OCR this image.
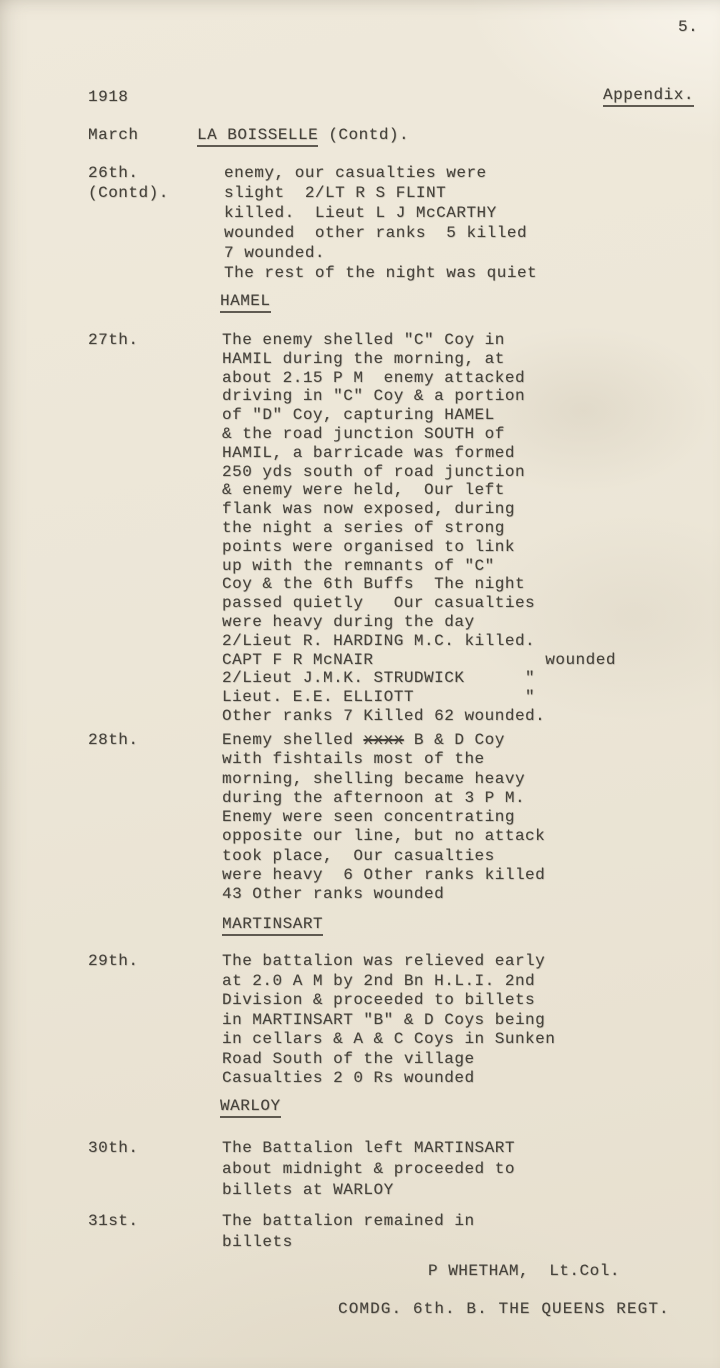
5.
1918	Appendix.
March	LA BOISSELLE (Contd).
26th.
(Contd).
enemy, our casualties were
slight  2/LT R S FLINT
killed.  Lieut L J McCARTHY
wounded  other ranks  5 killed
7 wounded.
The rest of the night was quiet
HAMEL
27th.	The enemy shelled "C" Coy in
HAMIL during the morning, at
about 2.15 P M  enemy attacked
driving in "C" Coy & a portion
of "D" Coy, capturing HAMEL
& the road junction SOUTH of
HAMIL, a barricade was formed
250 yds south of road junction
& enemy were held,  Our left
flank was now exposed, during
the night a series of strong
points were organised to link
up with the remnants of "C"
Coy & the 6th Buffs  The night
passed quietly   Our casualties
were heavy during the day
2/Lieut R. HARDING M.C. killed.
CAPT F R McNAIR                 wounded
2/Lieut J.M.K. STRUDWICK      "
Lieut. E.E. ELLIOTT           "
Other ranks 7 Killed 62 wounded.
28th.	Enemy shelled xxxx B & D Coy
with fishtails most of the
morning, shelling became heavy
during the afternoon at 3 P M.
Enemy were seen concentrating
opposite our line, but no attack
took place,  Our casualties
were heavy  6 Other ranks killed
43 Other ranks wounded
MARTINSART
29th.	The battalion was relieved early
at 2.0 A M by 2nd Bn H.L.I. 2nd
Division & proceeded to billets
in MARTINSART "B" & D Coys being
in cellars & A & C Coys in Sunken
Road South of the village
Casualties 2 0 Rs wounded
WARLOY
30th.	The Battalion left MARTINSART
about midnight & proceeded to
billets at WARLOY
31st.	The battalion remained in
billets
P WHETHAM,  Lt.Col.
COMDG. 6th. B. THE QUEENS REGT.
